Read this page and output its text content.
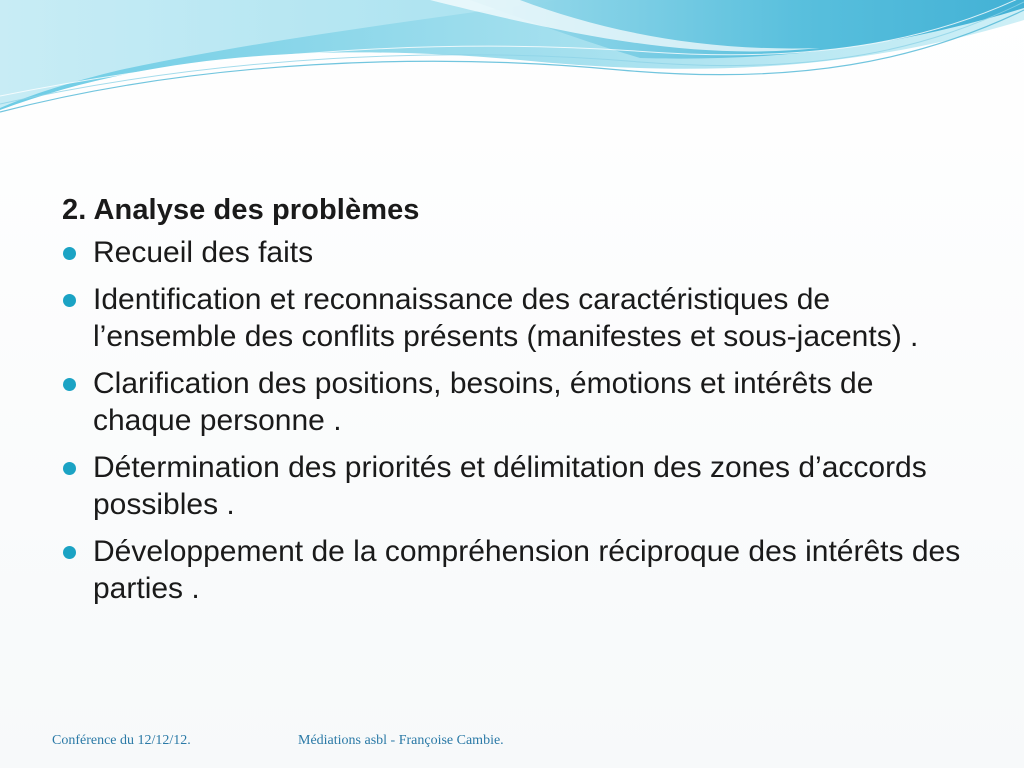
2. Analyse des problèmes
Recueil des faits
Identification et reconnaissance des caractéristiques de l’ensemble des conflits présents (manifestes et sous-jacents) .
Clarification des positions, besoins, émotions et intérêts de chaque personne .
Détermination des priorités et délimitation des zones d’accords possibles .
Développement de la compréhension réciproque des intérêts des parties .
Conférence du 12/12/12.	Médiations asbl - Françoise Cambie.
